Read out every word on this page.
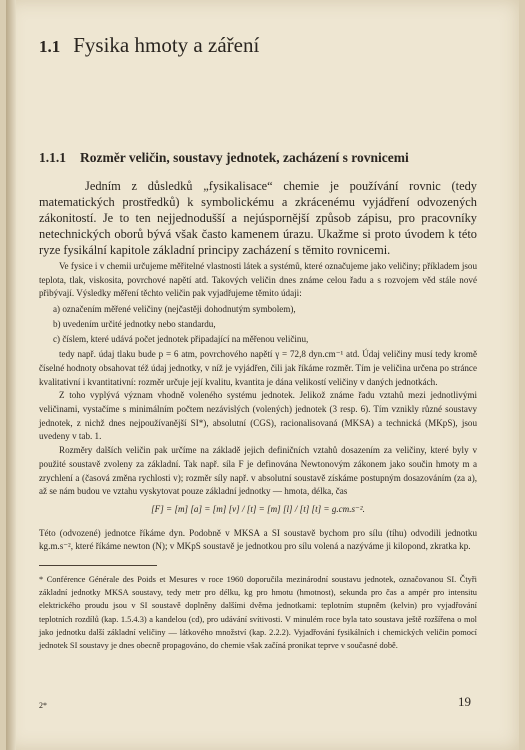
1.1 Fysika hmoty a záření
1.1.1 Rozměr veličin, soustavy jednotek, zacházení s rovnicemi

Jedním z důsledků „fysikalisace“ chemie je používání rovnic (tedy matematických prostředků) k symbolickému a zkrácenému vyjádření odvozených zákonitostí. Je to ten nejjednodušší a nejúspornější způsob zápisu, pro pracovníky netechnických oborů bývá však často kamenem úrazu. Ukažme si proto úvodem k této ryze fysikální kapitole základní principy zacházení s těmito rovnicemi.

Ve fysice i v chemii určujeme měřitelné vlastnosti látek a systémů, které označujeme jako veličiny; příkladem jsou teplota, tlak, viskosita, povrchové napětí atd. Takových veličin dnes známe celou řadu a s rozvojem věd stále nové přibývají. Výsledky měření těchto veličin pak vyjadřujeme těmito údaji:

a) označením měřené veličiny (nejčastěji dohodnutým symbolem),
b) uvedením určité jednotky nebo standardu,
c) číslem, které udává počet jednotek připadající na měřenou veličinu,

tedy např. údaj tlaku bude p = 6 atm, povrchového napětí γ = 72,8 dyn.cm⁻¹ atd. Údaj veličiny musí tedy kromě číselné hodnoty obsahovat též údaj jednotky, v níž je vyjádřen, čili jak říkáme rozměr. Tím je veličina určena po stránce kvalitativní i kvantitativní: rozměr určuje její kvalitu, kvantita je dána velikostí veličiny v daných jednotkách.

Z toho vyplývá význam vhodně voleného systému jednotek. Jelikož známe řadu vztahů mezi jednotlivými veličinami, vystačíme s minimálním počtem nezávislých (volených) jednotek (3 resp. 6). Tím vznikly různé soustavy jednotek, z nichž dnes nejpoužívanější SI*), absolutní (CGS), racionalisovaná (MKSA) a technická (MKpS), jsou uvedeny v tab. 1.

Rozměry dalších veličin pak určíme na základě jejich definičních vztahů dosazením za veličiny, které byly v použité soustavě zvoleny za základní. Tak např. síla F je definována Newtonovým zákonem jako součin hmoty m a zrychlení a (časová změna rychlosti v); rozměr síly např. v absolutní soustavě získáme postupným dosazováním (za a), až se nám budou ve vztahu vyskytovat pouze základní jednotky — hmota, délka, čas

[F] = [m] [a] = [m] [v] / [t] = [m] [l] / [t] [t] = g.cm.s⁻².

Této (odvozené) jednotce říkáme dyn. Podobně v MKSA a SI soustavě bychom pro sílu (tíhu) odvodili jednotku kg.m.s⁻², které říkáme newton (N); v MKpS soustavě je jednotkou pro sílu volená a nazýváme ji kilopond, zkratka kp.

* Conférence Générale des Poids et Mesures v roce 1960 doporučila mezinárodní soustavu jednotek, označovanou SI. Čtyři základní jednotky MKSA soustavy, tedy metr pro délku, kg pro hmotu (hmotnost), sekunda pro čas a ampér pro intensitu elektrického proudu jsou v SI soustavě doplněny dalšími dvěma jednotkami: teplotním stupněm (kelvin) pro vyjadřování teplotních rozdílů (kap. 1.5.4.3) a kandelou (cd), pro udávání svítivosti. V minulém roce byla tato soustava ještě rozšířena o mol jako jednotku další základní veličiny — látkového množství (kap. 2.2.2). Vyjadřování fysikálních i chemických veličin pomocí jednotek SI soustavy je dnes obecně propagováno, do chemie však začíná pronikat teprve v současné době.

19
2*
